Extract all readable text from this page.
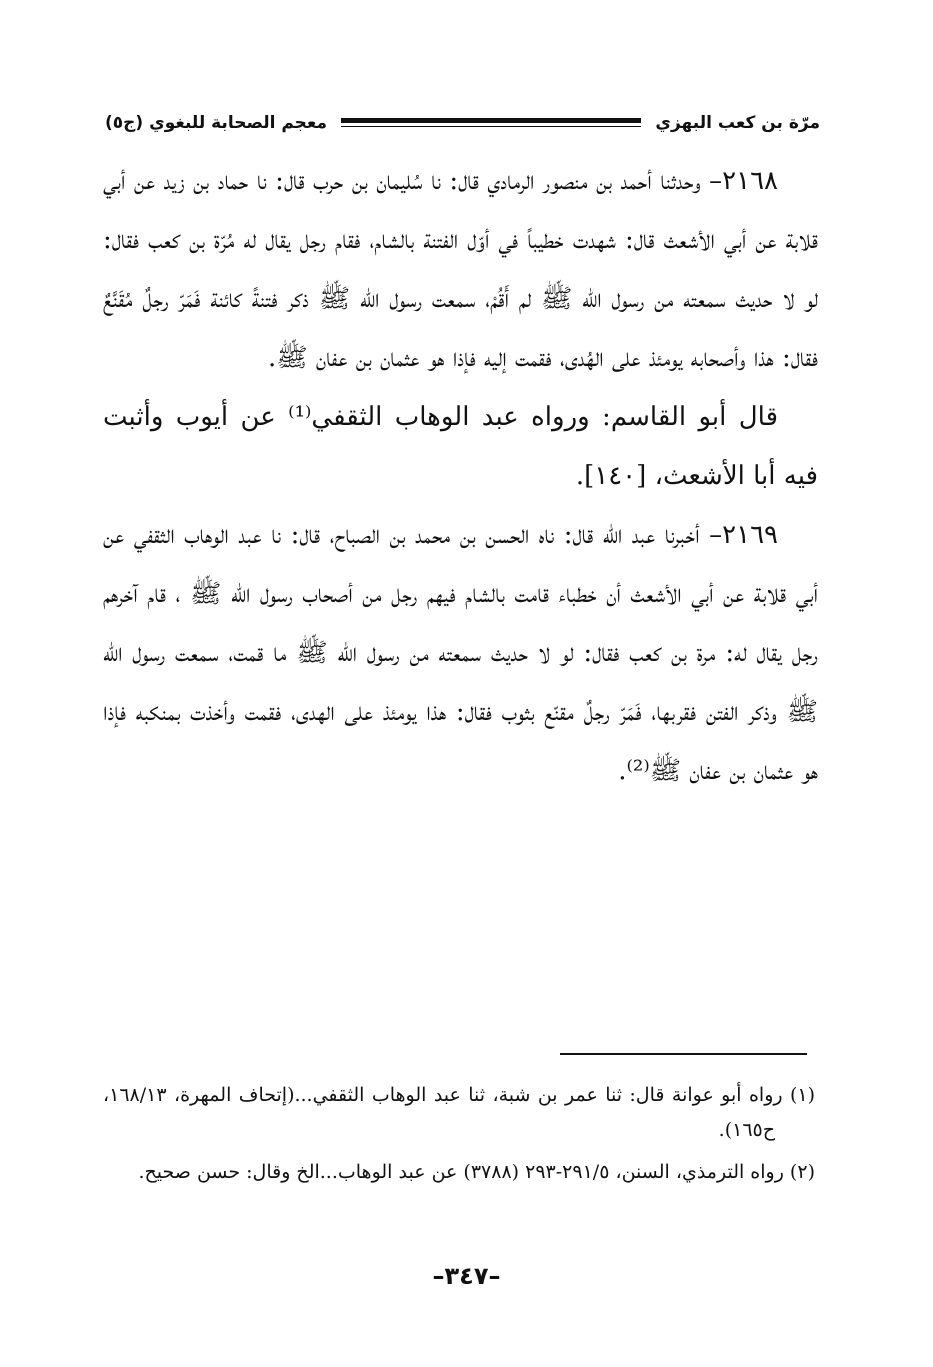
مرّة بن كعب البهزي
معجم الصحابة للبغوي (ج٥)

٢١٦٨– وحدثنا أحمد بن منصور الرمادي قال: نا سُليمان بن حرب قال: نا حماد بن زيد عن أبي قلابة عن أبي الأشعث قال: شهدت خطيباً في أوّل الفتنة بالشام، فقام رجل يقال له مُرّة بن كعب فقال: لو لا حديث سمعته من رسول اللّه ﷺ لم أَقُمْ، سمعت رسول اللّه ﷺ ذكر فتنةً كائنة فَمَرّ رجلٌ مُقَنَّعٌ فقال: هذا وأصحابه يومئذ على الهُدى، فقمت إليه فإذا هو عثمان بن عفان ﷺ.

قال أبو القاسم: ورواه عبد الوهاب الثقفي⁽¹⁾ عن أيوب وأثبت فيه أبا الأشعث، [١٤٠].

٢١٦٩– أخبرنا عبد اللّه قال: ناه الحسن بن محمد بن الصباح، قال: نا عبد الوهاب الثقفي عن أبي قلابة عن أبي الأشعث أن خطباء قامت بالشام فيهم رجل من أصحاب رسول اللّه ﷺ ، قام آخرهم رجل يقال له: مرة بن كعب فقال: لو لا حديث سمعته من رسول اللّه ﷺ ما قمت، سمعت رسول اللّه ﷺ وذكر الفتن فقربها، فَمَرّ رجلٌ مقنّع بثوب فقال: هذا يومئذ على الهدى، فقمت وأخذت بمنكبه فإذا هو عثمان بن عفان ﷺ⁽²⁾.

(١) رواه أبو عوانة قال: ثنا عمر بن شبة، ثنا عبد الوهاب الثقفي...(إتحاف المهرة، ١٦٨/١٣، ح١٦٥).

(٢) رواه الترمذي، السنن، ٢٩١/٥-٢٩٣ (٣٧٨٨) عن عبد الوهاب...الخ وقال: حسن صحيح.

–٣٤٧–
